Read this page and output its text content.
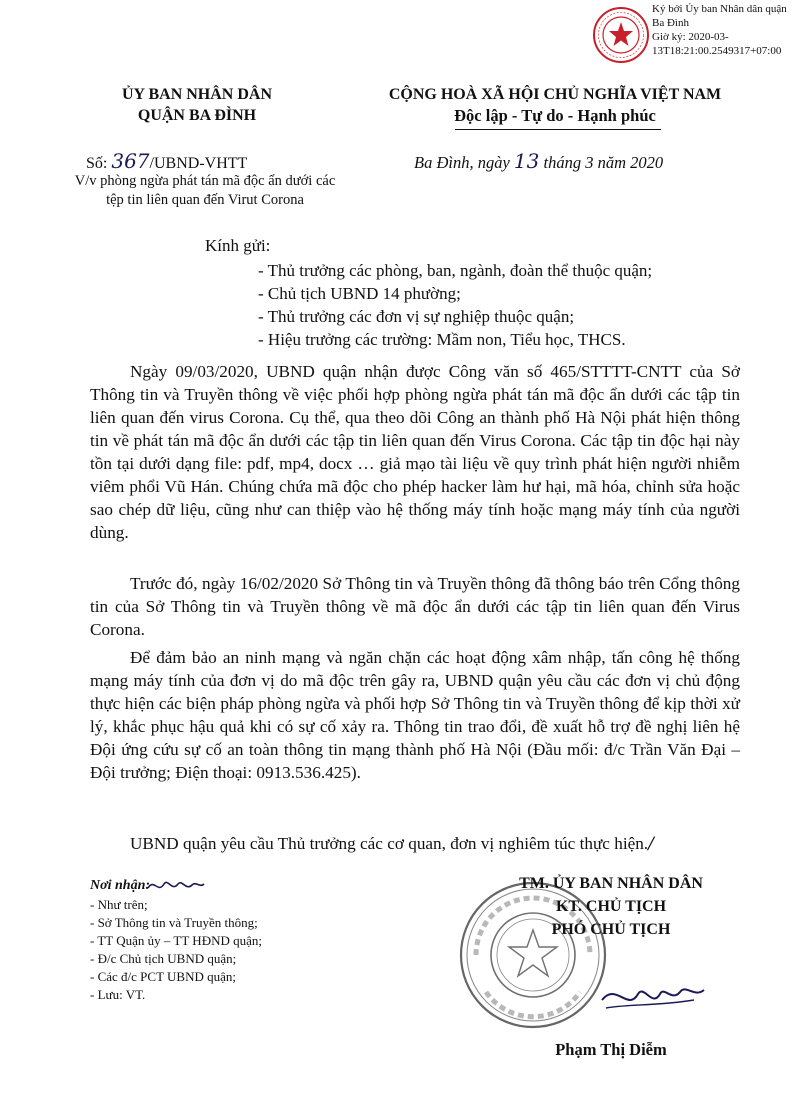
Ký bởi Ủy ban Nhân dân quận
Ba Đình
Giờ ký: 2020-03-
13T18:21:00.2549317+07:00
ỦY BAN NHÂN DÂN
QUẬN BA ĐÌNH
CỘNG HOÀ XÃ HỘI CHỦ NGHĨA VIỆT NAM
Độc lập - Tự do - Hạnh phúc
Số: 367/UBND-VHTT	Ba Đình, ngày 13 tháng 3 năm 2020
V/v phòng ngừa phát tán mã độc ẩn dưới các
tệp tin liên quan đến Virut Corona
Kính gửi:
- Thủ trưởng các phòng, ban, ngành, đoàn thể thuộc quận;
- Chủ tịch UBND 14 phường;
- Thủ trưởng các đơn vị sự nghiệp thuộc quận;
- Hiệu trưởng các trường: Mầm non, Tiểu học, THCS.

Ngày 09/03/2020, UBND quận nhận được Công văn số 465/STTTT-CNTT của Sở Thông tin và Truyền thông về việc phối hợp phòng ngừa phát tán mã độc ẩn dưới các tập tin liên quan đến virus Corona. Cụ thể, qua theo dõi Công an thành phố Hà Nội phát hiện thông tin về phát tán mã độc ẩn dưới các tập tin liên quan đến Virus Corona. Các tập tin độc hại này tồn tại dưới dạng file: pdf, mp4, docx … giả mạo tài liệu về quy trình phát hiện người nhiễm viêm phổi Vũ Hán. Chúng chứa mã độc cho phép hacker làm hư hại, mã hóa, chỉnh sửa hoặc sao chép dữ liệu, cũng như can thiệp vào hệ thống máy tính hoặc mạng máy tính của người dùng.

Trước đó, ngày 16/02/2020 Sở Thông tin và Truyền thông đã thông báo trên Cổng thông tin của Sở Thông tin và Truyền thông về mã độc ẩn dưới các tập tin liên quan đến Virus Corona.

Để đảm bảo an ninh mạng và ngăn chặn các hoạt động xâm nhập, tấn công hệ thống mạng máy tính của đơn vị do mã độc trên gây ra, UBND quận yêu cầu các đơn vị chủ động thực hiện các biện pháp phòng ngừa và phối hợp Sở Thông tin và Truyền thông để kịp thời xử lý, khắc phục hậu quả khi có sự cố xảy ra. Thông tin trao đổi, đề xuất hỗ trợ đề nghị liên hệ Đội ứng cứu sự cố an toàn thông tin mạng thành phố Hà Nội (Đầu mối: đ/c Trần Văn Đại – Đội trưởng; Điện thoại: 0913.536.425).

UBND quận yêu cầu Thủ trưởng các cơ quan, đơn vị nghiêm túc thực hiện./

Nơi nhận:
- Như trên;
- Sở Thông tin và Truyền thông;
- TT Quận ủy – TT HĐND quận;
- Đ/c Chủ tịch UBND quận;
- Các đ/c PCT UBND quận;
- Lưu: VT.
TM. ỦY BAN NHÂN DÂN
KT. CHỦ TỊCH
PHÓ CHỦ TỊCH
Phạm Thị Diễm
